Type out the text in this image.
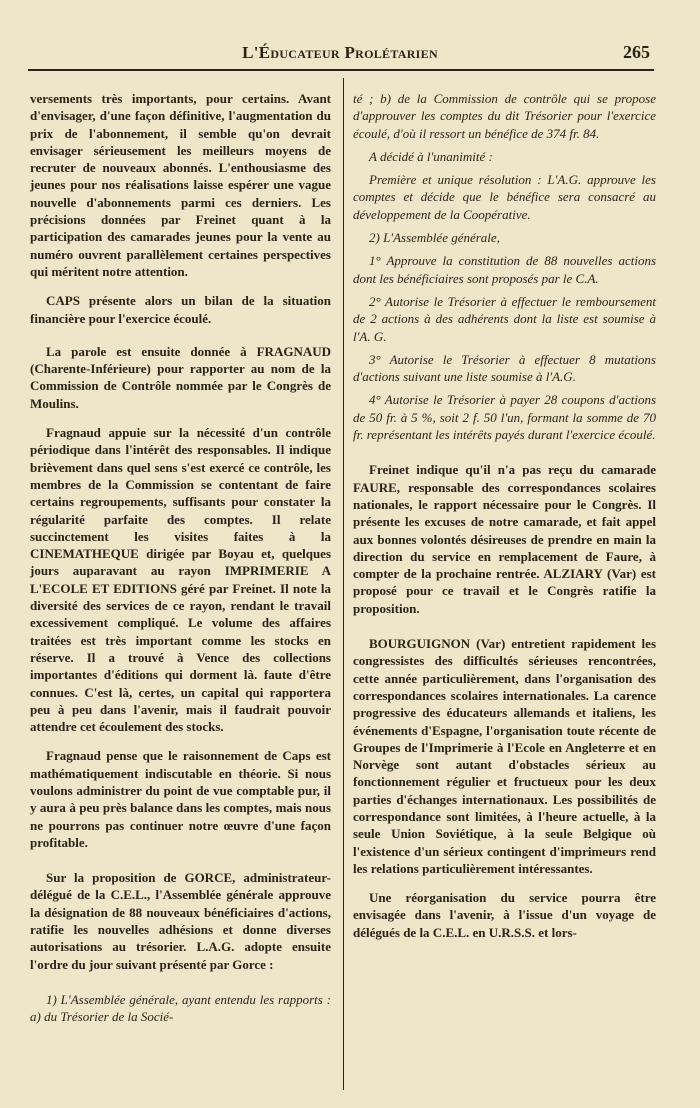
L'Éducateur Prolétarien	265

versements très importants, pour certains. Avant d'envisager, d'une façon définitive, l'augmentation du prix de l'abonnement, il semble qu'on devrait envisager sérieusement les meilleurs moyens de recruter de nouveaux abonnés. L'enthousiasme des jeunes pour nos réalisations laisse espérer une vague nouvelle d'abonnements parmi ces derniers. Les précisions données par Freinet quant à la participation des camarades jeunes pour la vente au numéro ouvrent parallèlement certaines perspectives qui méritent notre attention.

CAPS présente alors un bilan de la situation financière pour l'exercice écoulé.

La parole est ensuite donnée à FRAGNAUD (Charente-Inférieure) pour rapporter au nom de la Commission de Contrôle nommée par le Congrès de Moulins.

Fragnaud appuie sur la nécessité d'un contrôle périodique dans l'intérêt des responsables. Il indique brièvement dans quel sens s'est exercé ce contrôle, les membres de la Commission se contentant de faire certains regroupements, suffisants pour constater la régularité parfaite des comptes. Il relate succinctement les visites faites à la CINEMATHEQUE dirigée par Boyau et, quelques jours auparavant au rayon IMPRIMERIE A L'ECOLE ET EDITIONS géré par Freinet. Il note la diversité des services de ce rayon, rendant le travail excessivement compliqué. Le volume des affaires traitées est très important comme les stocks en réserve. Il a trouvé à Vence des collections importantes d'éditions qui dorment là. faute d'être connues. C'est là, certes, un capital qui rapportera peu à peu dans l'avenir, mais il faudrait pouvoir attendre cet écoulement des stocks.

Fragnaud pense que le raisonnement de Caps est mathématiquement indiscutable en théorie. Si nous voulons administrer du point de vue comptable pur, il y aura à peu près balance dans les comptes, mais nous ne pourrons pas continuer notre œuvre d'une façon profitable.

Sur la proposition de GORCE, administrateur-délégué de la C.E.L., l'Assemblée générale approuve la désignation de 88 nouveaux bénéficiaires d'actions, ratifie les nouvelles adhésions et donne diverses autorisations au trésorier. L.A.G. adopte ensuite l'ordre du jour suivant présenté par Gorce :

1) L'Assemblée générale, ayant entendu les rapports : a) du Trésorier de la Socié-

té ; b) de la Commission de contrôle qui se propose d'approuver les comptes du dit Trésorier pour l'exercice écoulé, d'où il ressort un bénéfice de 374 fr. 84.

A décidé à l'unanimité :

Première et unique résolution : L'A.G. approuve les comptes et décide que le bénéfice sera consacré au développement de la Coopérative.

2) L'Assemblée générale,

1° Approuve la constitution de 88 nouvelles actions dont les bénéficiaires sont proposés par le C.A.

2° Autorise le Trésorier à effectuer le remboursement de 2 actions à des adhérents dont la liste est soumise à l'A. G.

3° Autorise le Trésorier à effectuer 8 mutations d'actions suivant une liste soumise à l'A.G.

4° Autorise le Trésorier à payer 28 coupons d'actions de 50 fr. à 5 %, soit 2 f. 50 l'un, formant la somme de 70 fr. représentant les intérêts payés durant l'exercice écoulé.

Freinet indique qu'il n'a pas reçu du camarade FAURE, responsable des correspondances scolaires nationales, le rapport nécessaire pour le Congrès. Il présente les excuses de notre camarade, et fait appel aux bonnes volontés désireuses de prendre en main la direction du service en remplacement de Faure, à compter de la prochaine rentrée. ALZIARY (Var) est proposé pour ce travail et le Congrès ratifie la proposition.

BOURGUIGNON (Var) entretient rapidement les congressistes des difficultés sérieuses rencontrées, cette année particulièrement, dans l'organisation des correspondances scolaires internationales. La carence progressive des éducateurs allemands et italiens, les événements d'Espagne, l'organisation toute récente de Groupes de l'Imprimerie à l'Ecole en Angleterre et en Norvège sont autant d'obstacles sérieux au fonctionnement régulier et fructueux pour les deux parties d'échanges internationaux. Les possibilités de correspondance sont limitées, à l'heure actuelle, à la seule Union Soviétique, à la seule Belgique où l'existence d'un sérieux contingent d'imprimeurs rend les relations particulièrement intéressantes.

Une réorganisation du service pourra être envisagée dans l'avenir, à l'issue d'un voyage de délégués de la C.E.L. en U.R.S.S. et lors-
